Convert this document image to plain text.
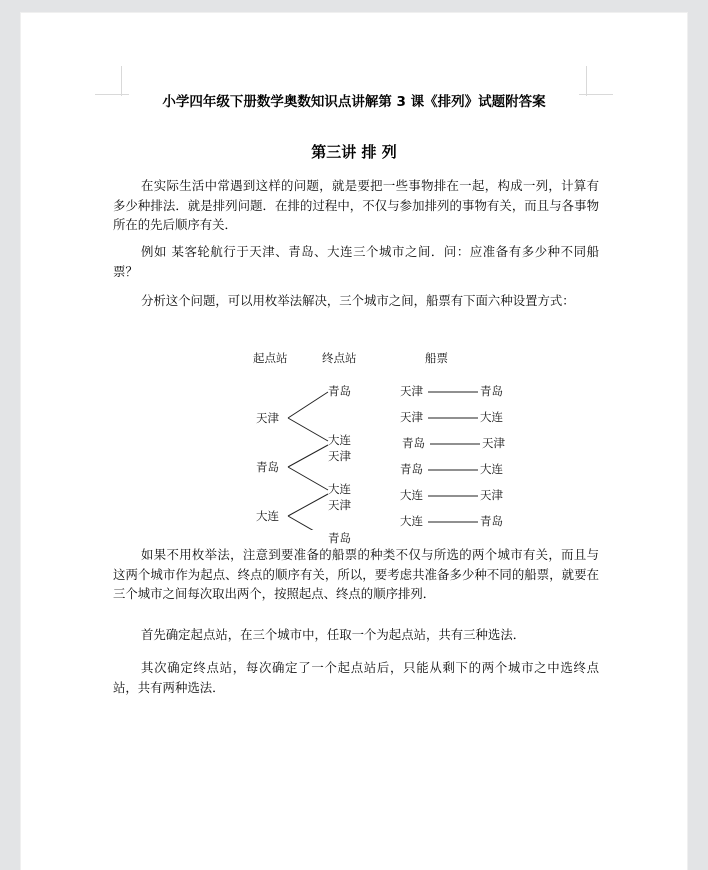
小学四年级下册数学奥数知识点讲解第 3 课《排列》试题附答案
第三讲 排 列
在实际生活中常遇到这样的问题，就是要把一些事物排在一起，构成一列，计算有多少种排法．就是排列问题．在排的过程中，不仅与参加排列的事物有关，而且与各事物所在的先后顺序有关．
例如 某客轮航行于天津、青岛、大连三个城市之间．问：应准备有多少种不同船票？
分析这个问题，可以用枚举法解决，三个城市之间，船票有下面六种设置方式：
起点站	终点站	船票
天津
青岛
大连
青岛
大连
天津
大连
天津
青岛
天津	青岛
天津	大连
青岛	天津
青岛	大连
大连	天津
大连	青岛
如果不用枚举法，注意到要准备的船票的种类不仅与所选的两个城市有关，而且与这两个城市作为起点、终点的顺序有关，所以，要考虑共准备多少种不同的船票，就要在三个城市之间每次取出两个，按照起点、终点的顺序排列．
首先确定起点站，在三个城市中，任取一个为起点站，共有三种选法．
其次确定终点站，每次确定了一个起点站后，只能从剩下的两个城市之中选终点站，共有两种选法．
